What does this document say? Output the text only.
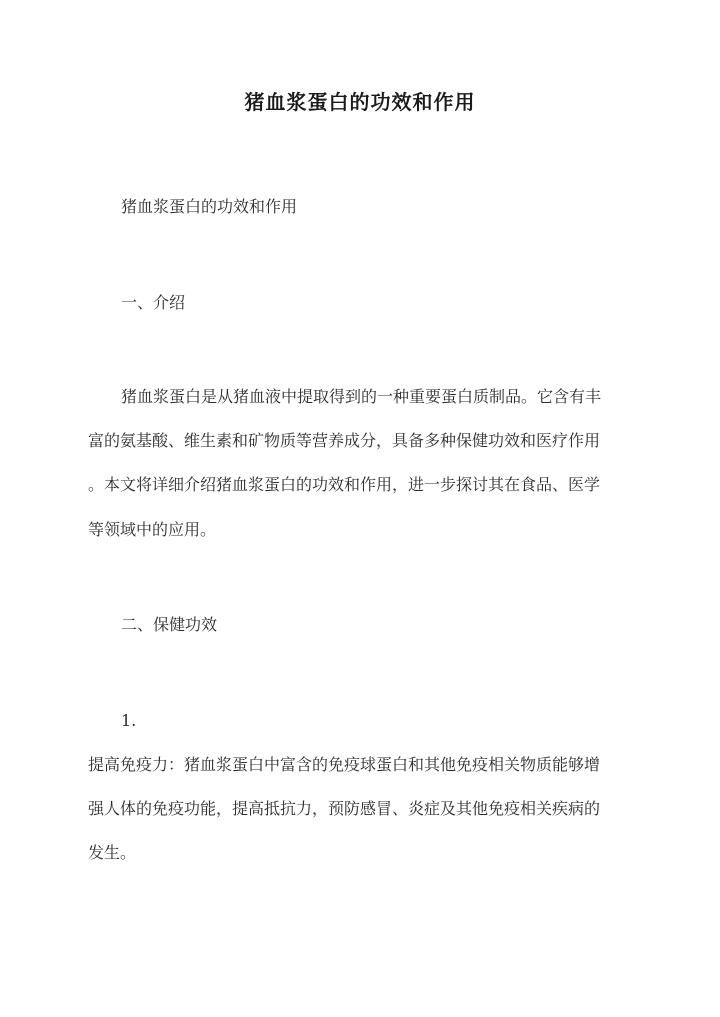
猪血浆蛋白的功效和作用
猪血浆蛋白的功效和作用
一、介绍
猪血浆蛋白是从猪血液中提取得到的一种重要蛋白质制品。它含有丰
富的氨基酸、维生素和矿物质等营养成分，具备多种保健功效和医疗作用
。本文将详细介绍猪血浆蛋白的功效和作用，进一步探讨其在食品、医学
等领域中的应用。
二、保健功效
1.
提高免疫力：猪血浆蛋白中富含的免疫球蛋白和其他免疫相关物质能够增
强人体的免疫功能，提高抵抗力，预防感冒、炎症及其他免疫相关疾病的
发生。
